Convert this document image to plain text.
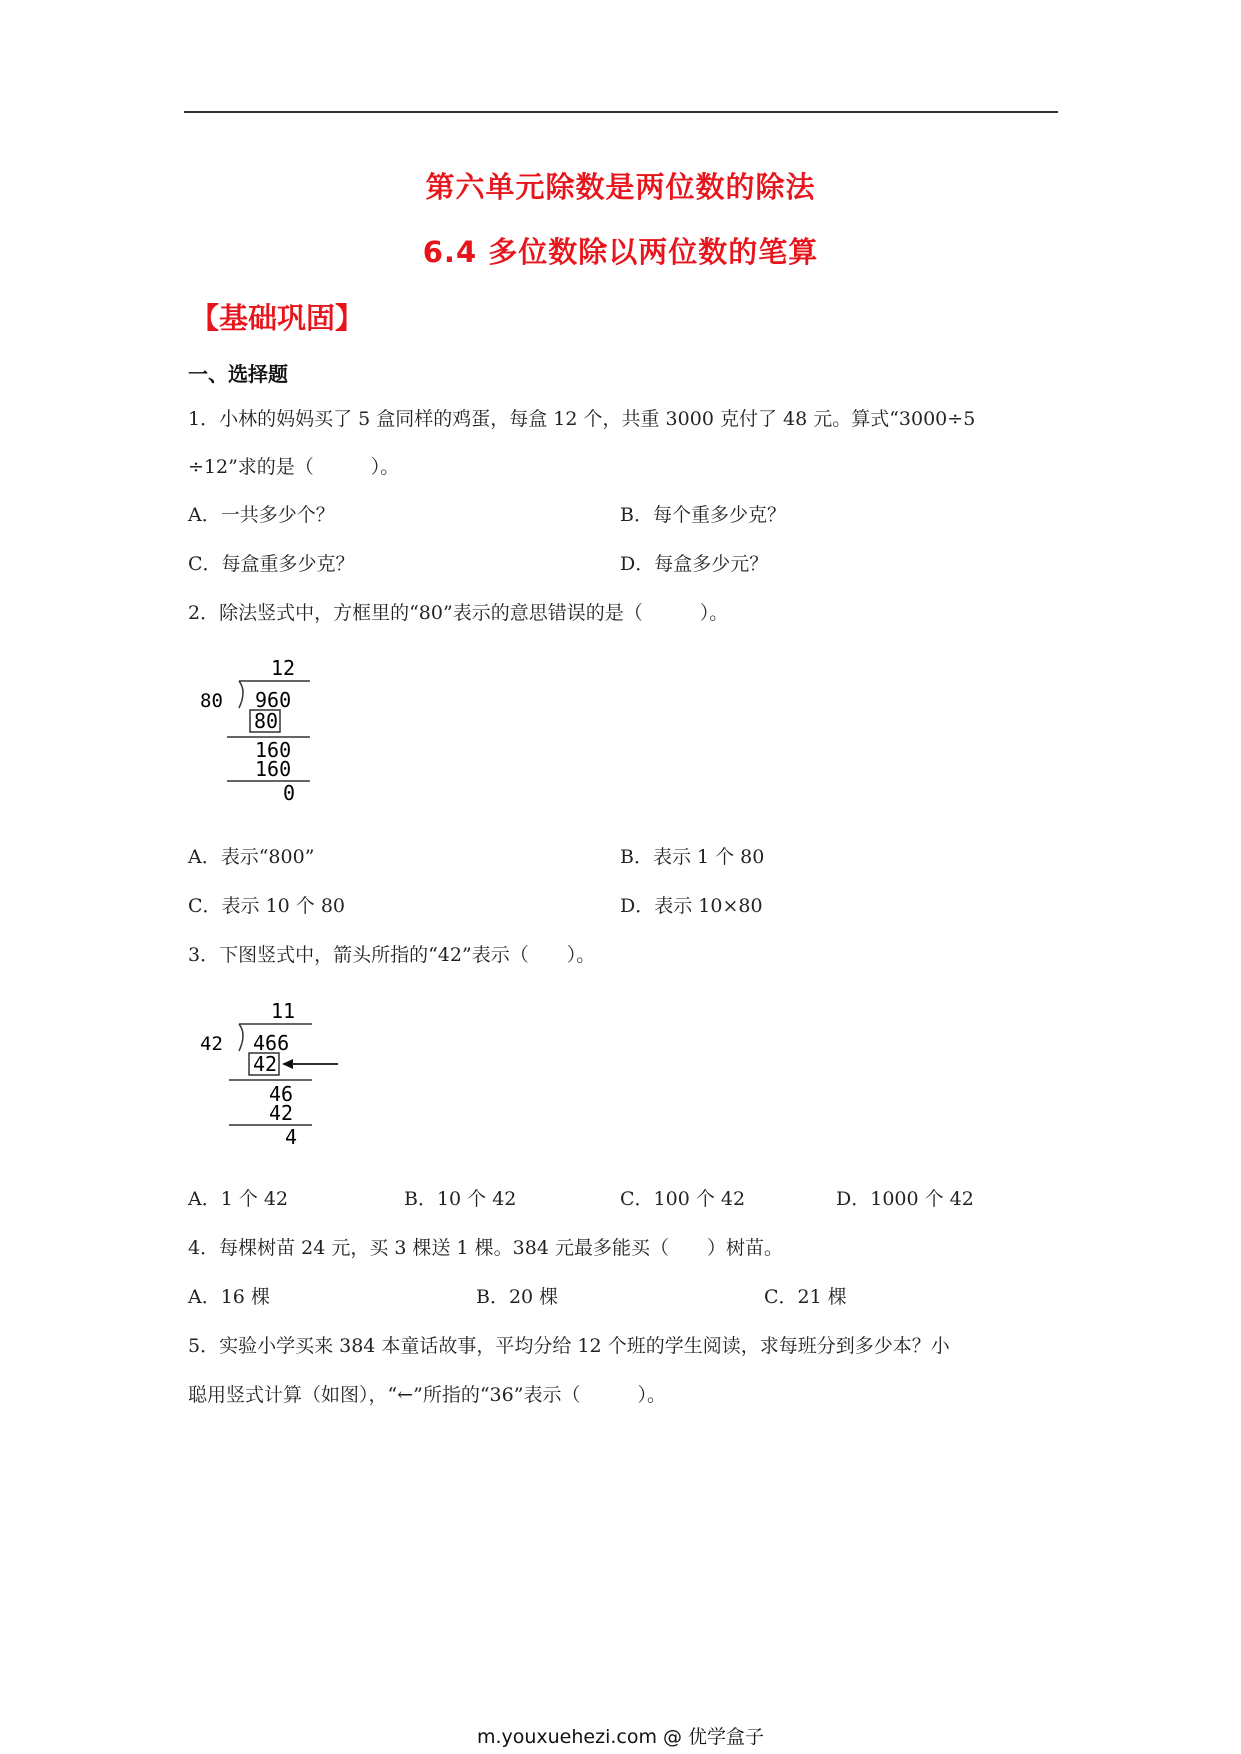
第六单元除数是两位数的除法
6.4 多位数除以两位数的笔算
【基础巩固】
一、选择题
1．小林的妈妈买了 5 盒同样的鸡蛋，每盒 12 个，共重 3000 克付了 48 元。算式“3000÷5
÷12”求的是（　　　）。
A．一共多少个？	B．每个重多少克？
C．每盒重多少克？	D．每盒多少元？
2．除法竖式中，方框里的“80”表示的意思错误的是（　　　）。
12
80 960
80
160
160
0
A．表示“800”	B．表示 1 个 80
C．表示 10 个 80	D．表示 10×80
3．下图竖式中，箭头所指的“42”表示（　　）。
11
42 466
42
46
42
4
A．1 个 42	B．10 个 42	C．100 个 42	D．1000 个 42
4．每棵树苗 24 元，买 3 棵送 1 棵。384 元最多能买（　　）树苗。
A．16 棵	B．20 棵	C．21 棵
5．实验小学买来 384 本童话故事，平均分给 12 个班的学生阅读，求每班分到多少本？小
聪用竖式计算（如图），“←”所指的“36”表示（　　　）。
m.youxuehezi.com @ 优学盒子
